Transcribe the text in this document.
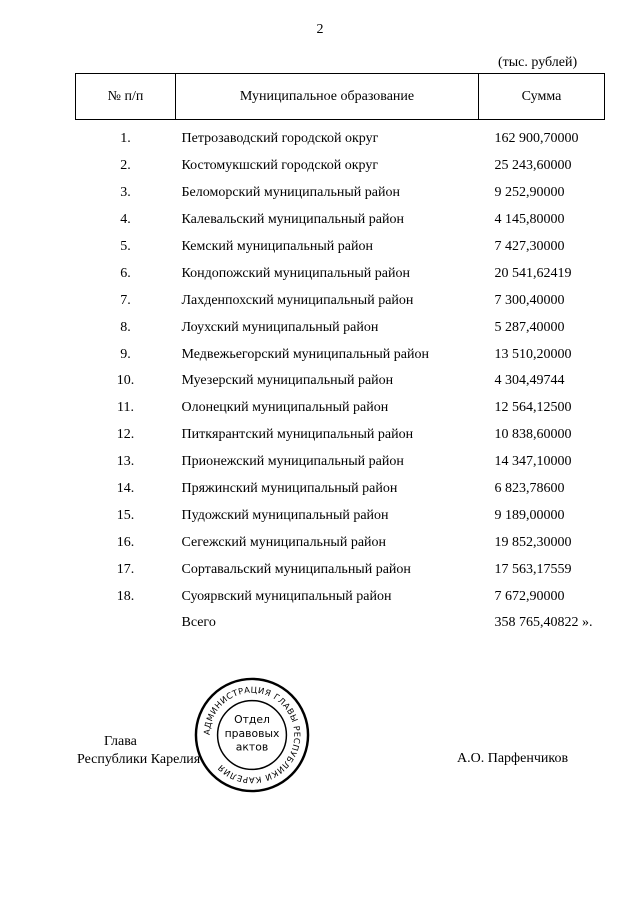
2
(тыс. рублей)
№ п/п	Муниципальное образование	Сумма
1.	Петрозаводский городской округ	162 900,70000
2.	Костомукшский городской округ	25 243,60000
3.	Беломорский муниципальный район	9 252,90000
4.	Калевальский муниципальный район	4 145,80000
5.	Кемский муниципальный район	7 427,30000
6.	Кондопожский муниципальный район	20 541,62419
7.	Лахденпохский муниципальный район	7 300,40000
8.	Лоухский муниципальный район	5 287,40000
9.	Медвежьегорский муниципальный район	13 510,20000
10.	Муезерский муниципальный район	4 304,49744
11.	Олонецкий муниципальный район	12 564,12500
12.	Питкярантский муниципальный район	10 838,60000
13.	Прионежский муниципальный район	14 347,10000
14.	Пряжинский муниципальный район	6 823,78600
15.	Пудожский муниципальный район	9 189,00000
16.	Сегежский муниципальный район	19 852,30000
17.	Сортавальский муниципальный район	17 563,17559
18.	Суоярвский муниципальный район	7 672,90000
	Всего	358 765,40822 ».
Глава
Республики Карелия	А.О. Парфенчиков
АДМИНИСТРАЦИЯ ГЛАВЫ РЕСПУБЛИКИ КАРЕЛИЯ
Отдел
правовых
актов
